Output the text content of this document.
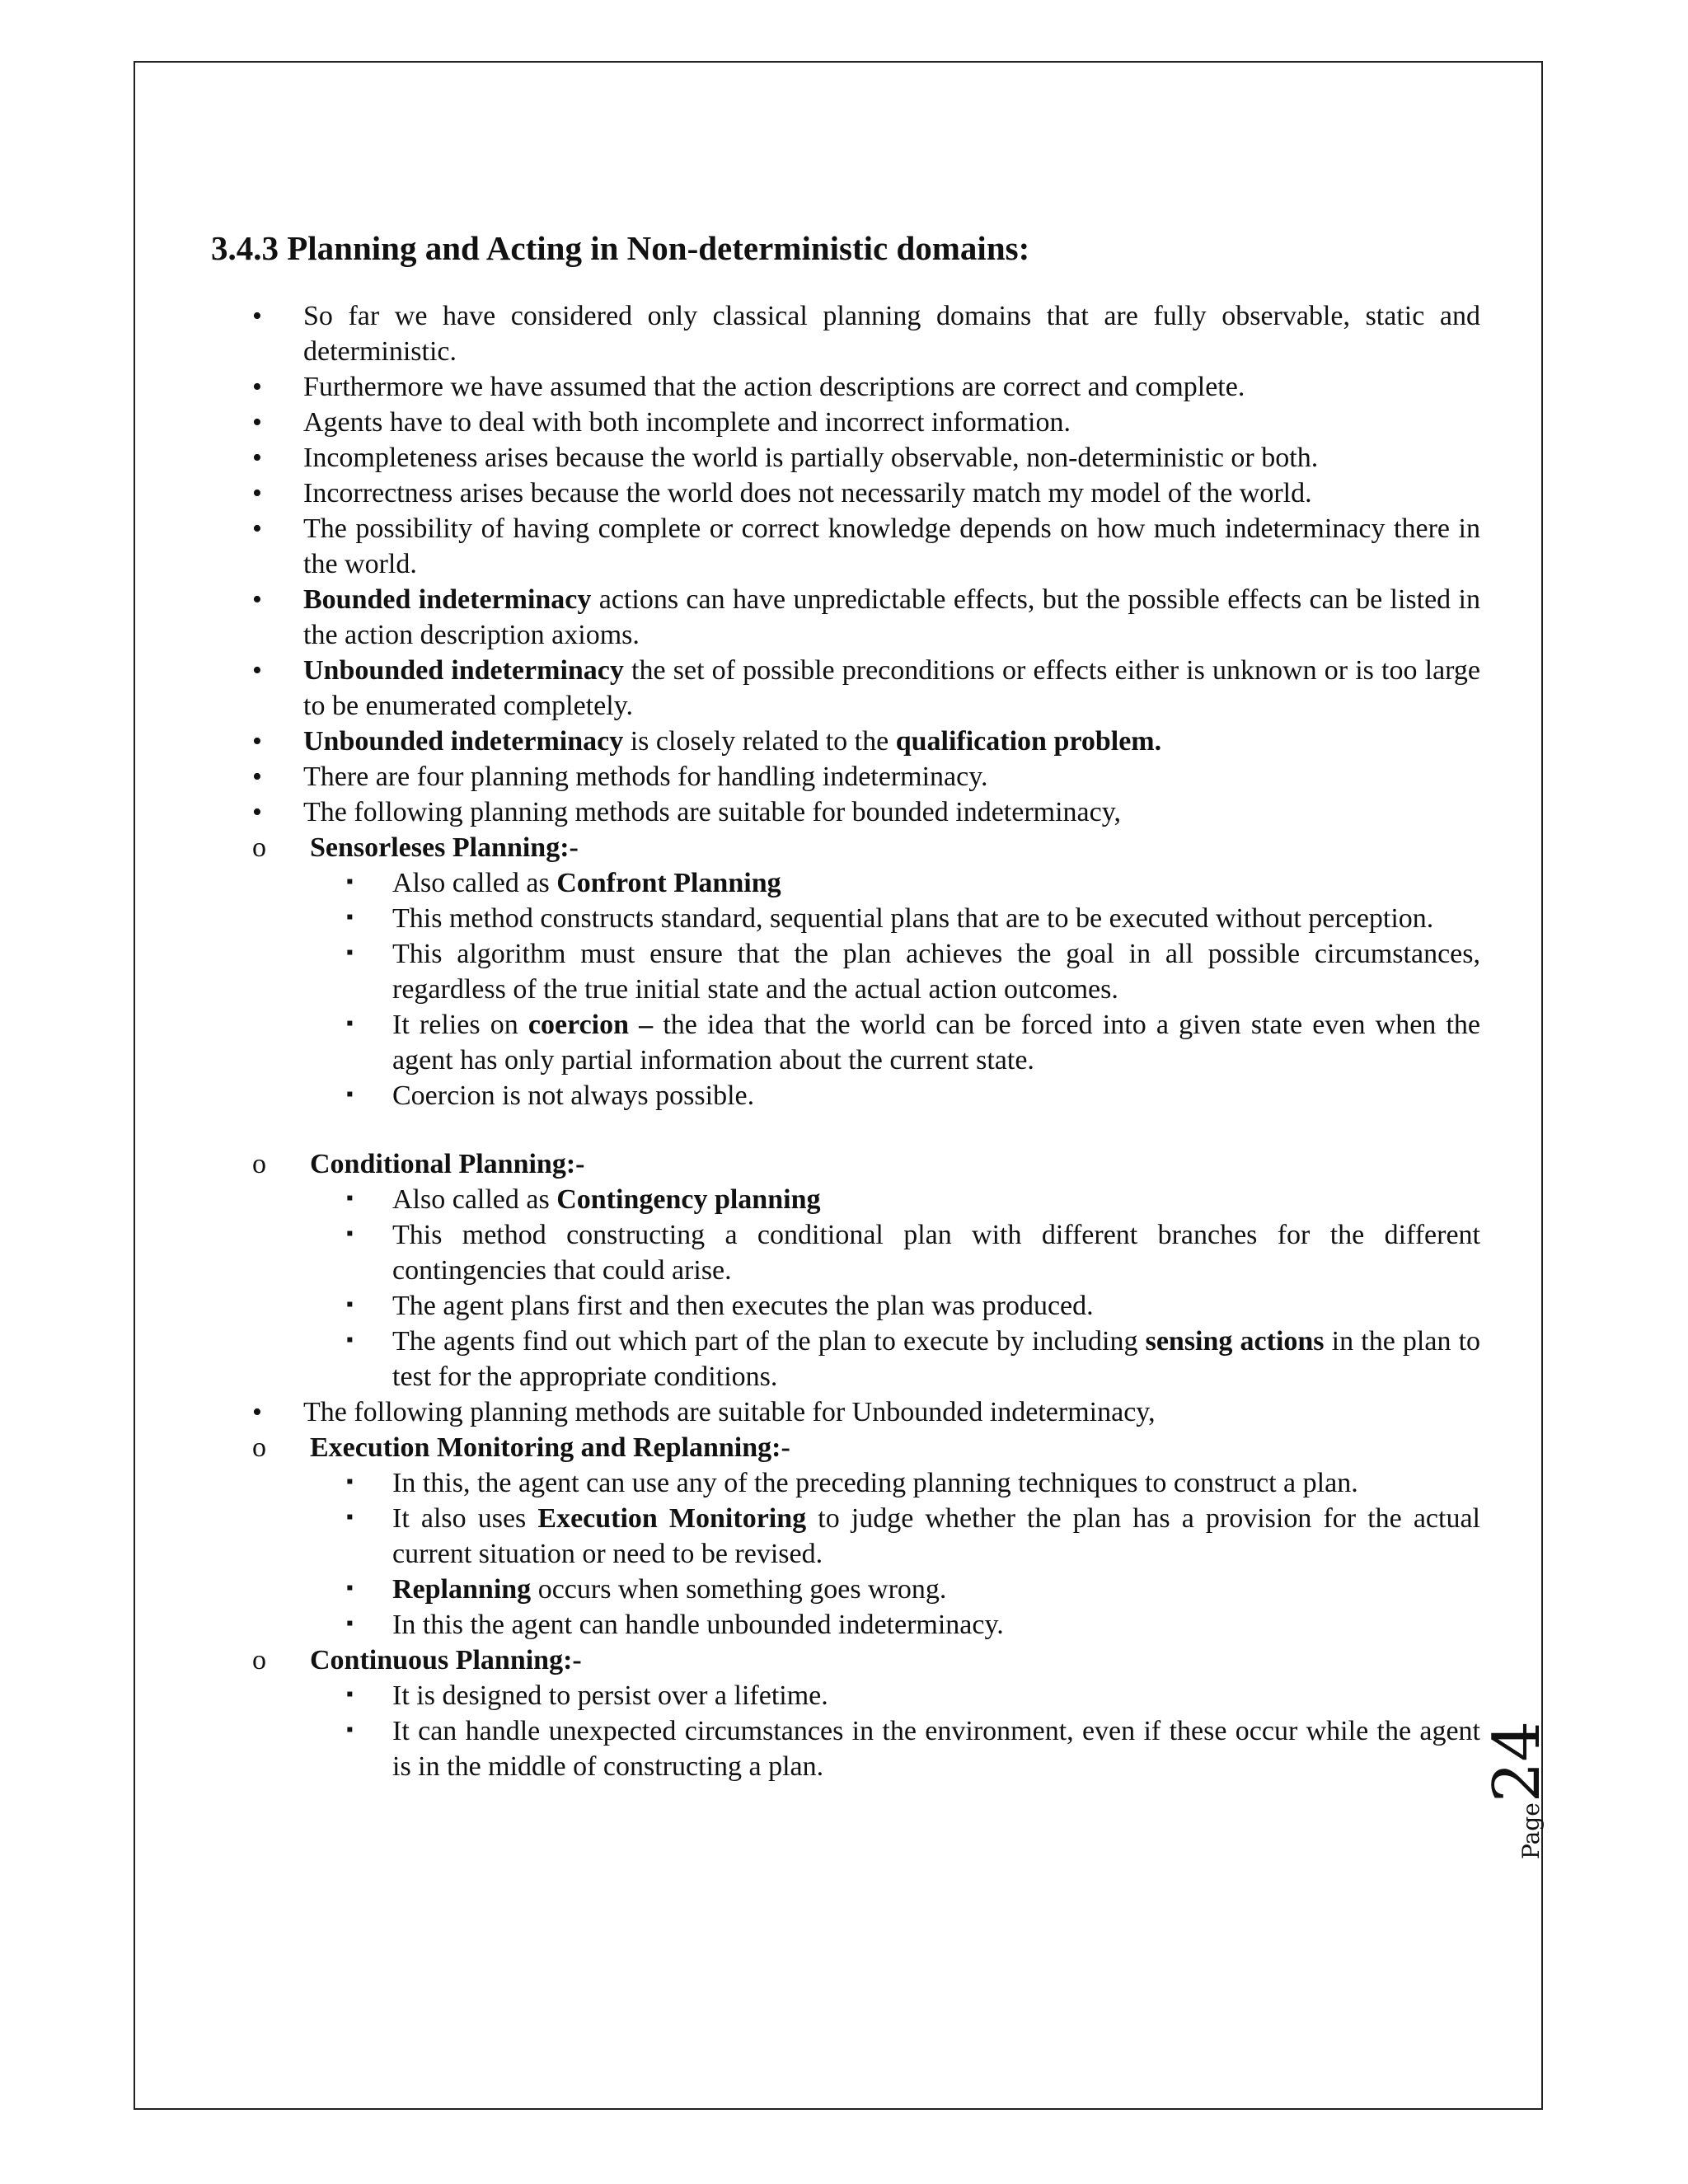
3.4.3 Planning and Acting in Non-deterministic domains:
• So far we have considered only classical planning domains that are fully observable, static and deterministic.
• Furthermore we have assumed that the action descriptions are correct and complete.
• Agents have to deal with both incomplete and incorrect information.
• Incompleteness arises because the world is partially observable, non-deterministic or both.
• Incorrectness arises because the world does not necessarily match my model of the world.
• The possibility of having complete or correct knowledge depends on how much indeterminacy there in the world.
• Bounded indeterminacy actions can have unpredictable effects, but the possible effects can be listed in the action description axioms.
• Unbounded indeterminacy the set of possible preconditions or effects either is unknown or is too large to be enumerated completely.
• Unbounded indeterminacy is closely related to the qualification problem.
• There are four planning methods for handling indeterminacy.
• The following planning methods are suitable for bounded indeterminacy,
o Sensorleses Planning:-
▪ Also called as Confront Planning
▪ This method constructs standard, sequential plans that are to be executed without perception.
▪ This algorithm must ensure that the plan achieves the goal in all possible circumstances, regardless of the true initial state and the actual action outcomes.
▪ It relies on coercion – the idea that the world can be forced into a given state even when the agent has only partial information about the current state.
▪ Coercion is not always possible.
o Conditional Planning:-
▪ Also called as Contingency planning
▪ This method constructing a conditional plan with different branches for the different contingencies that could arise.
▪ The agent plans first and then executes the plan was produced.
▪ The agents find out which part of the plan to execute by including sensing actions in the plan to test for the appropriate conditions.
• The following planning methods are suitable for Unbounded indeterminacy,
o Execution Monitoring and Replanning:-
▪ In this, the agent can use any of the preceding planning techniques to construct a plan.
▪ It also uses Execution Monitoring to judge whether the plan has a provision for the actual current situation or need to be revised.
▪ Replanning occurs when something goes wrong.
▪ In this the agent can handle unbounded indeterminacy.
o Continuous Planning:-
▪ It is designed to persist over a lifetime.
▪ It can handle unexpected circumstances in the environment, even if these occur while the agent is in the middle of constructing a plan.
Page24
